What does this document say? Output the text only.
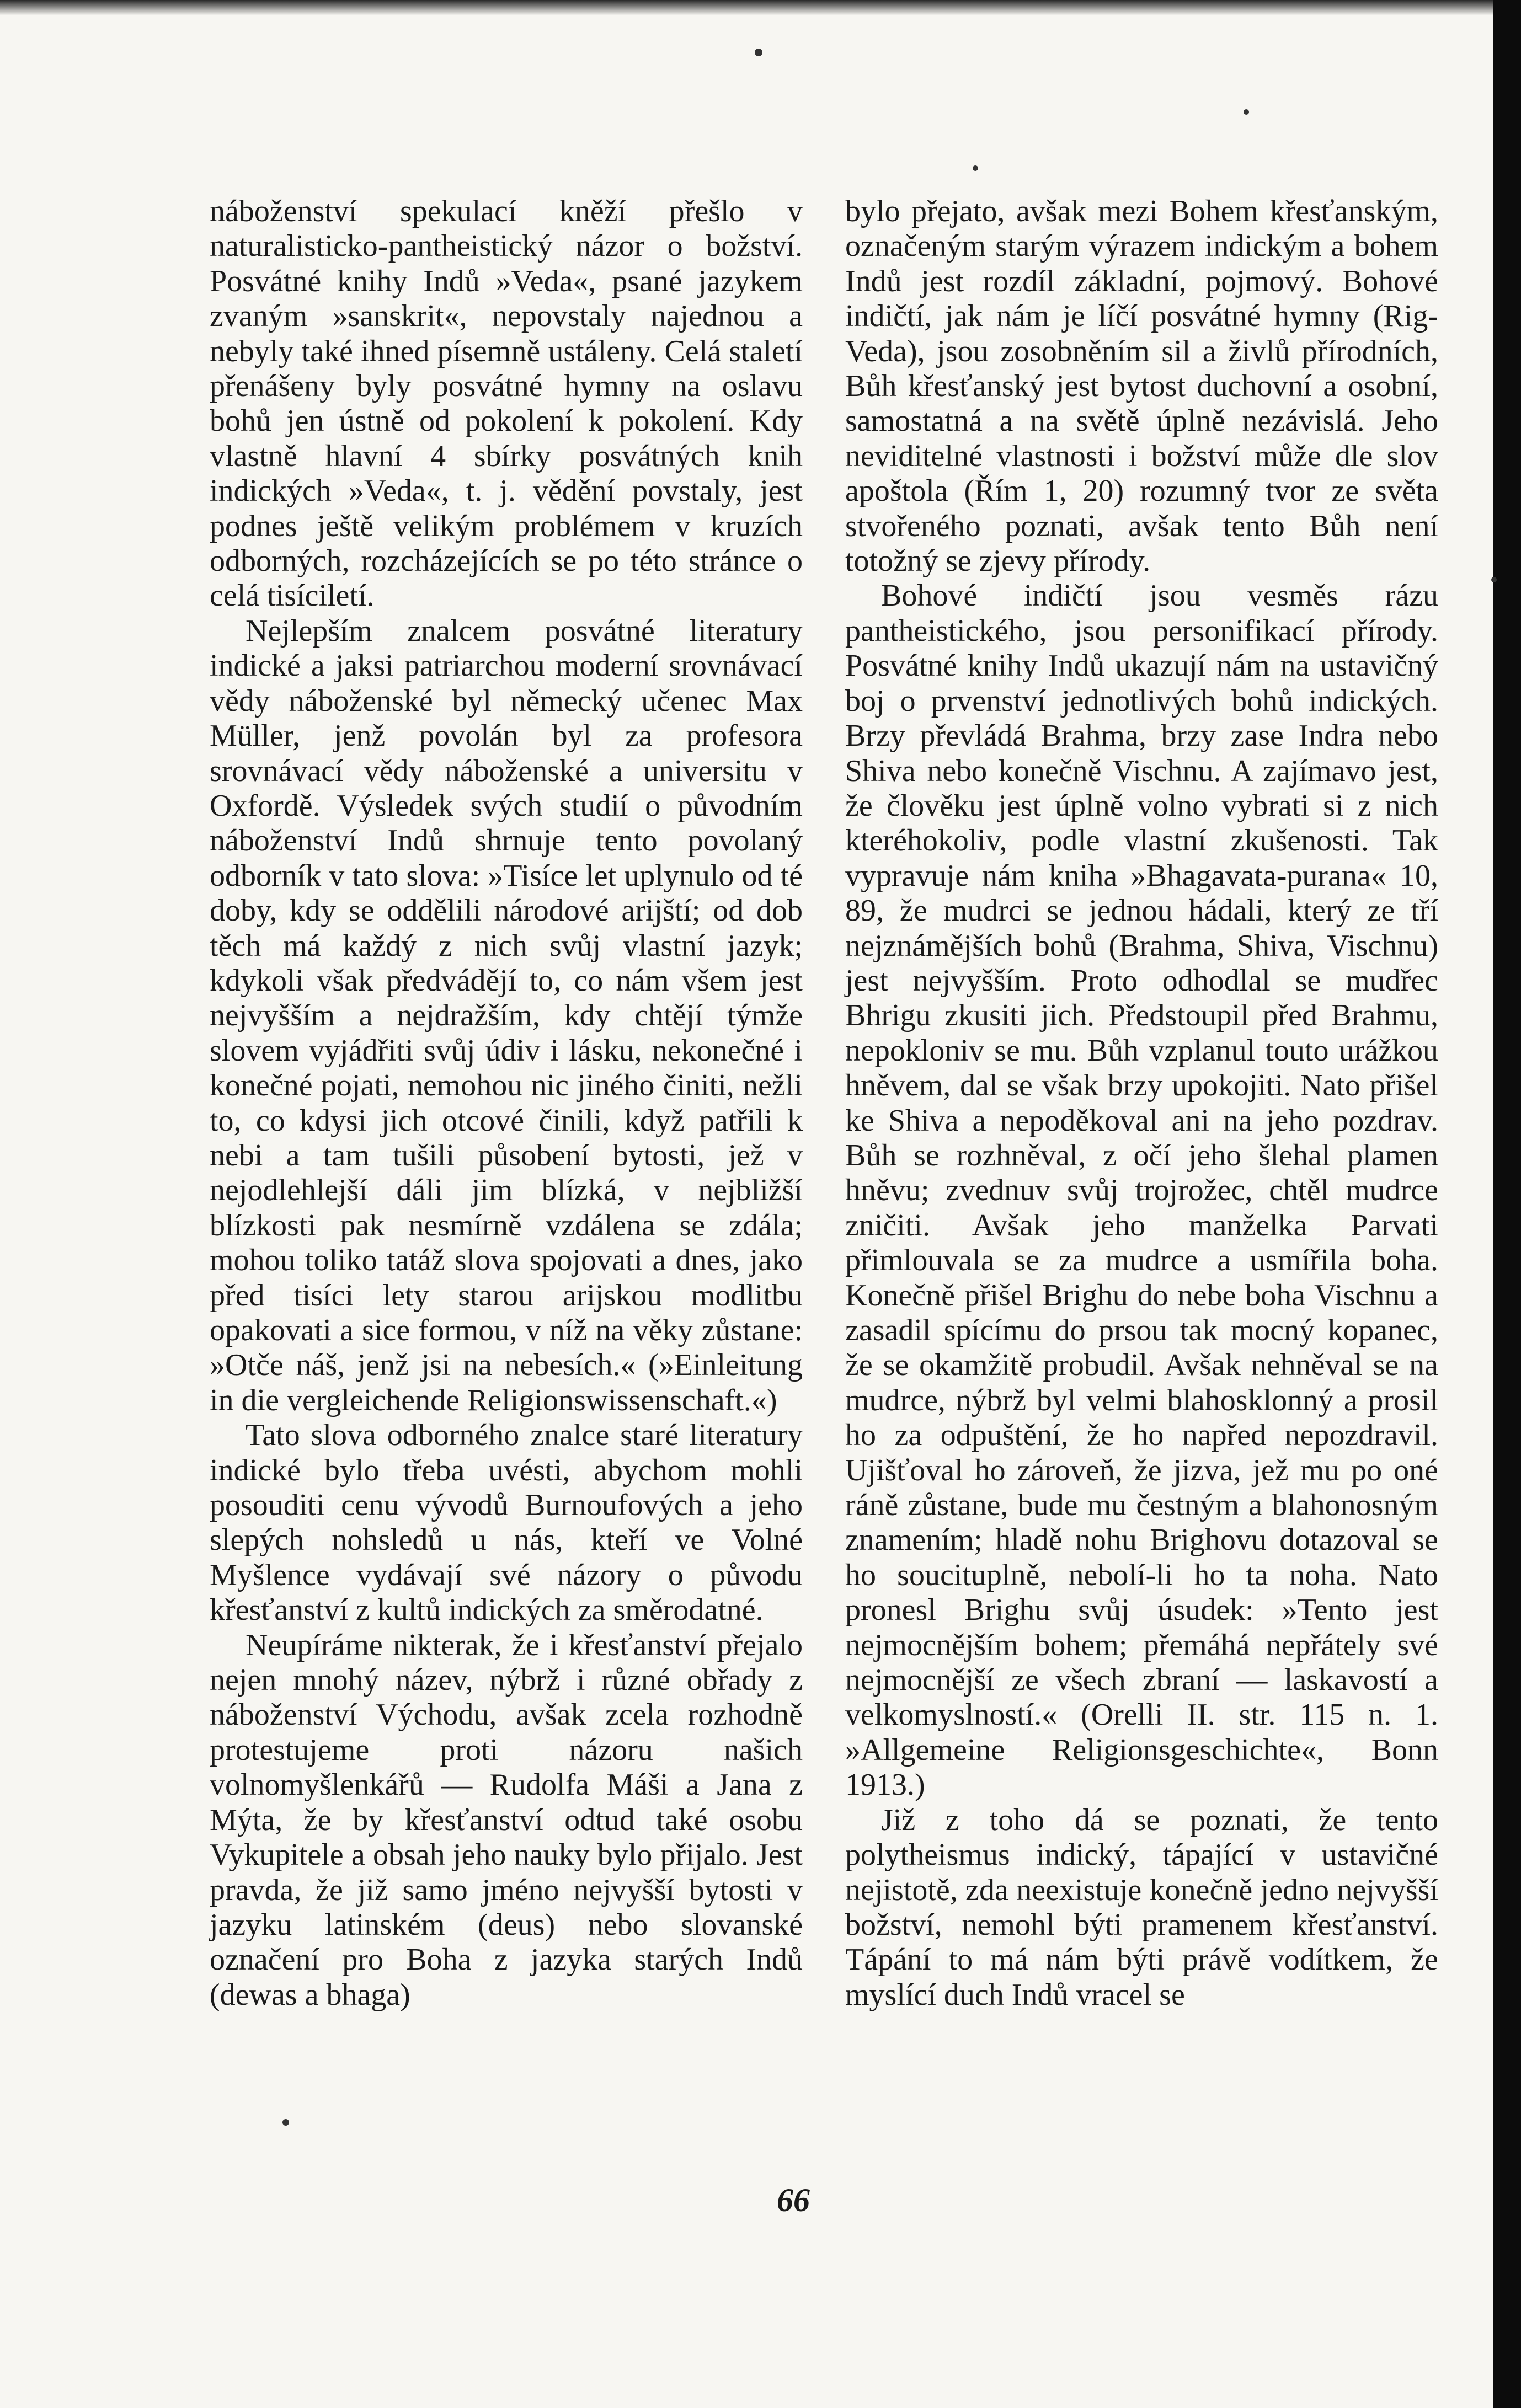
náboženství spekulací kněží přešlo v naturalisticko-pantheistický názor o božství. Posvátné knihy Indů »Veda«, psané jazykem zvaným »sanskrit«, nepovstaly najednou a nebyly také ihned písemně ustáleny. Celá staletí přenášeny byly posvátné hymny na oslavu bohů jen ústně od pokolení k pokolení. Kdy vlastně hlavní 4 sbírky posvátných knih indických »Veda«, t. j. vědění povstaly, jest podnes ještě velikým problémem v kruzích odborných, rozcházejících se po této stránce o celá tisíciletí.

Nejlepším znalcem posvátné literatury indické a jaksi patriarchou moderní srovnávací vědy náboženské byl německý učenec Max Müller, jenž povolán byl za profesora srovnávací vědy náboženské a universitu v Oxfordě. Výsledek svých studií o původním náboženství Indů shrnuje tento povolaný odborník v tato slova: »Tisíce let uplynulo od té doby, kdy se oddělili národové arijští; od dob těch má každý z nich svůj vlastní jazyk; kdykoli však předvádějí to, co nám všem jest nejvyšším a nejdražším, kdy chtějí týmže slovem vyjádřiti svůj údiv i lásku, nekonečné i konečné pojati, nemohou nic jiného činiti, nežli to, co kdysi jich otcové činili, když patřili k nebi a tam tušili působení bytosti, jež v nejodlehlejší dáli jim blízká, v nejbližší blízkosti pak nesmírně vzdálena se zdála; mohou toliko tatáž slova spojovati a dnes, jako před tisíci lety starou arijskou modlitbu opakovati a sice formou, v níž na věky zůstane: »Otče náš, jenž jsi na nebesích.« (»Einleitung in die vergleichende Religionswissenschaft.«)

Tato slova odborného znalce staré literatury indické bylo třeba uvésti, abychom mohli posouditi cenu vývodů Burnoufových a jeho slepých nohsledů u nás, kteří ve Volné Myšlence vydávají své názory o původu křesťanství z kultů indických za směrodatné.

Neupíráme nikterak, že i křesťanství přejalo nejen mnohý název, nýbrž i různé obřady z náboženství Východu, avšak zcela rozhodně protestujeme proti názoru našich volnomyšlenkářů — Rudolfa Máši a Jana z Mýta, že by křesťanství odtud také osobu Vykupitele a obsah jeho nauky bylo přijalo. Jest pravda, že již samo jméno nejvyšší bytosti v jazyku latinském (deus) nebo slovanské označení pro Boha z jazyka starých Indů (dewas a bhaga)

bylo přejato, avšak mezi Bohem křesťanským, označeným starým výrazem indickým a bohem Indů jest rozdíl základní, pojmový. Bohové indičtí, jak nám je líčí posvátné hymny (Rig-Veda), jsou zosobněním sil a živlů přírodních, Bůh křesťanský jest bytost duchovní a osobní, samostatná a na světě úplně nezávislá. Jeho neviditelné vlastnosti i božství může dle slov apoštola (Řím 1, 20) rozumný tvor ze světa stvořeného poznati, avšak tento Bůh není totožný se zjevy přírody.

Bohové indičtí jsou vesměs rázu pantheistického, jsou personifikací přírody. Posvátné knihy Indů ukazují nám na ustavičný boj o prvenství jednotlivých bohů indických. Brzy převládá Brahma, brzy zase Indra nebo Shiva nebo konečně Vischnu. A zajímavo jest, že člověku jest úplně volno vybrati si z nich kteréhokoliv, podle vlastní zkušenosti. Tak vypravuje nám kniha »Bhagavata-purana« 10, 89, že mudrci se jednou hádali, který ze tří nejznámějších bohů (Brahma, Shiva, Vischnu) jest nejvyšším. Proto odhodlal se mudřec Bhrigu zkusiti jich. Předstoupil před Brahmu, nepokloniv se mu. Bůh vzplanul touto urážkou hněvem, dal se však brzy upokojiti. Nato přišel ke Shiva a nepoděkoval ani na jeho pozdrav. Bůh se rozhněval, z očí jeho šlehal plamen hněvu; zvednuv svůj trojrožec, chtěl mudrce zničiti. Avšak jeho manželka Parvati přimlouvala se za mudrce a usmířila boha. Konečně přišel Brighu do nebe boha Vischnu a zasadil spícímu do prsou tak mocný kopanec, že se okamžitě probudil. Avšak nehněval se na mudrce, nýbrž byl velmi blahosklonný a prosil ho za odpuštění, že ho napřed nepozdravil. Ujišťoval ho zároveň, že jizva, jež mu po oné ráně zůstane, bude mu čestným a blahonosným znamením; hladě nohu Brighovu dotazoval se ho soucituplně, nebolí-li ho ta noha. Nato pronesl Brighu svůj úsudek: »Tento jest nejmocnějším bohem; přemáhá nepřátely své nejmocnější ze všech zbraní — laskavostí a velkomyslností.« (Orelli II. str. 115 n. 1. »Allgemeine Religionsgeschichte«, Bonn 1913.)

Již z toho dá se poznati, že tento polytheismus indický, tápající v ustavičné nejistotě, zda neexistuje konečně jedno nejvyšší božství, nemohl býti pramenem křesťanství. Tápání to má nám býti právě vodítkem, že myslící duch Indů vracel se

66
